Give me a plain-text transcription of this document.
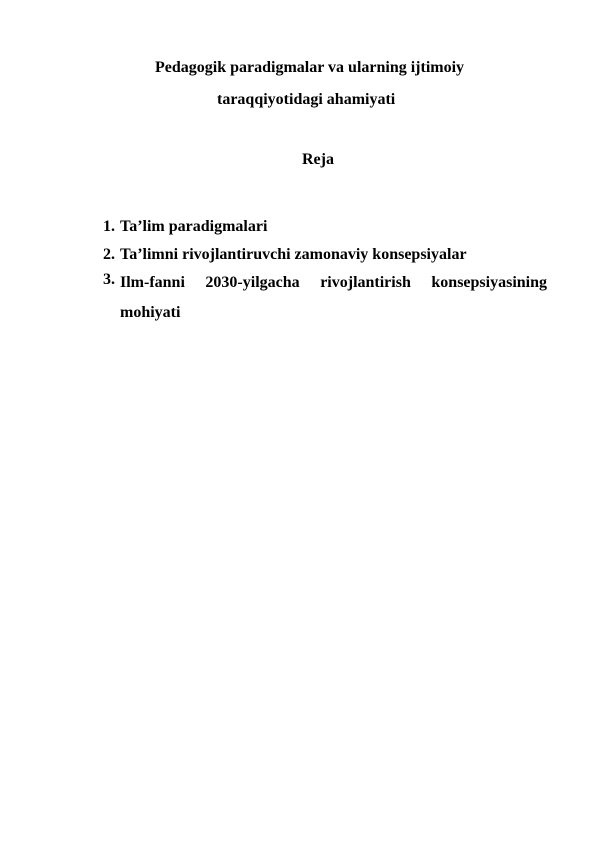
Pedagogik paradigmalar va ularning ijtimoiy
taraqqiyotidagi ahamiyati
Reja
1. Ta’lim paradigmalari
2. Ta’limni rivojlantiruvchi zamonaviy konsepsiyalar
3. Ilm-fanni 2030-yilgacha rivojlantirish konsepsiyasining mohiyati
